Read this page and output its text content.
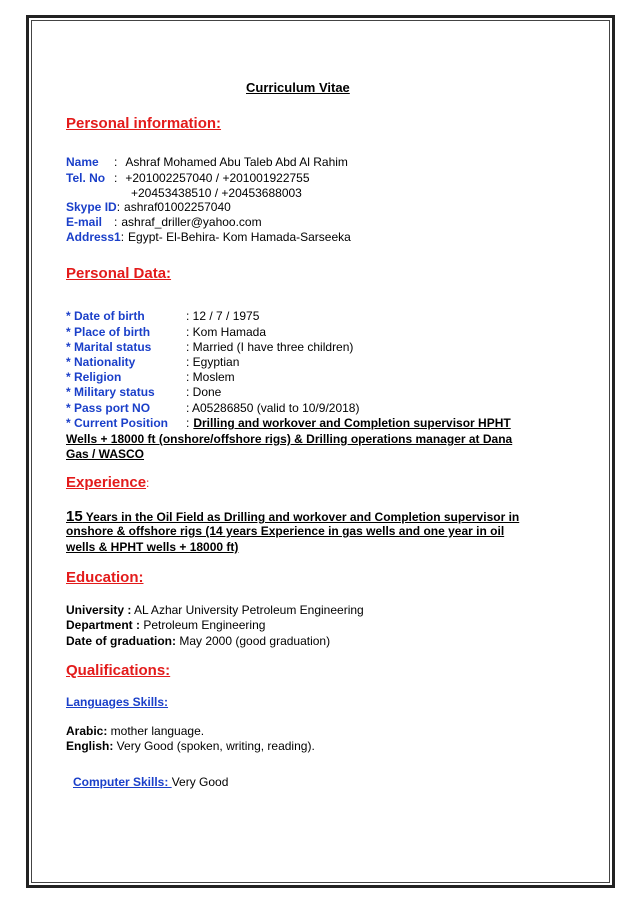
Curriculum Vitae
Personal information:
Name : Ashraf Mohamed Abu Taleb Abd Al Rahim
Tel. No : +201002257040 / +201001922755
+20453438510 / +20453688003
Skype ID: ashraf01002257040
E-mail : ashraf_driller@yahoo.com
Address1: Egypt- El-Behira- Kom Hamada-Sarseeka
Personal Data:
* Date of birth	: 12 / 7 / 1975
* Place of birth	: Kom Hamada
* Marital status	: Married (I have three children)
* Nationality	: Egyptian
* Religion	: Moslem
* Military status	: Done
* Pass port NO	: A05286850 (valid to 10/9/2018)
* Current Position : Drilling and workover and Completion supervisor HPHT
Wells + 18000 ft (onshore/offshore rigs) & Drilling operations manager at Dana
Gas / WASCO
Experience:
15 Years in the Oil Field as Drilling and workover and Completion supervisor in
onshore & offshore rigs (14 years Experience in gas wells and one year in oil
wells & HPHT wells + 18000 ft)
Education:
University : AL Azhar University Petroleum Engineering
Department : Petroleum Engineering
Date of graduation: May 2000 (good graduation)
Qualifications:
Languages Skills:
Arabic: mother language.
English: Very Good (spoken, writing, reading).
Computer Skills: Very Good
